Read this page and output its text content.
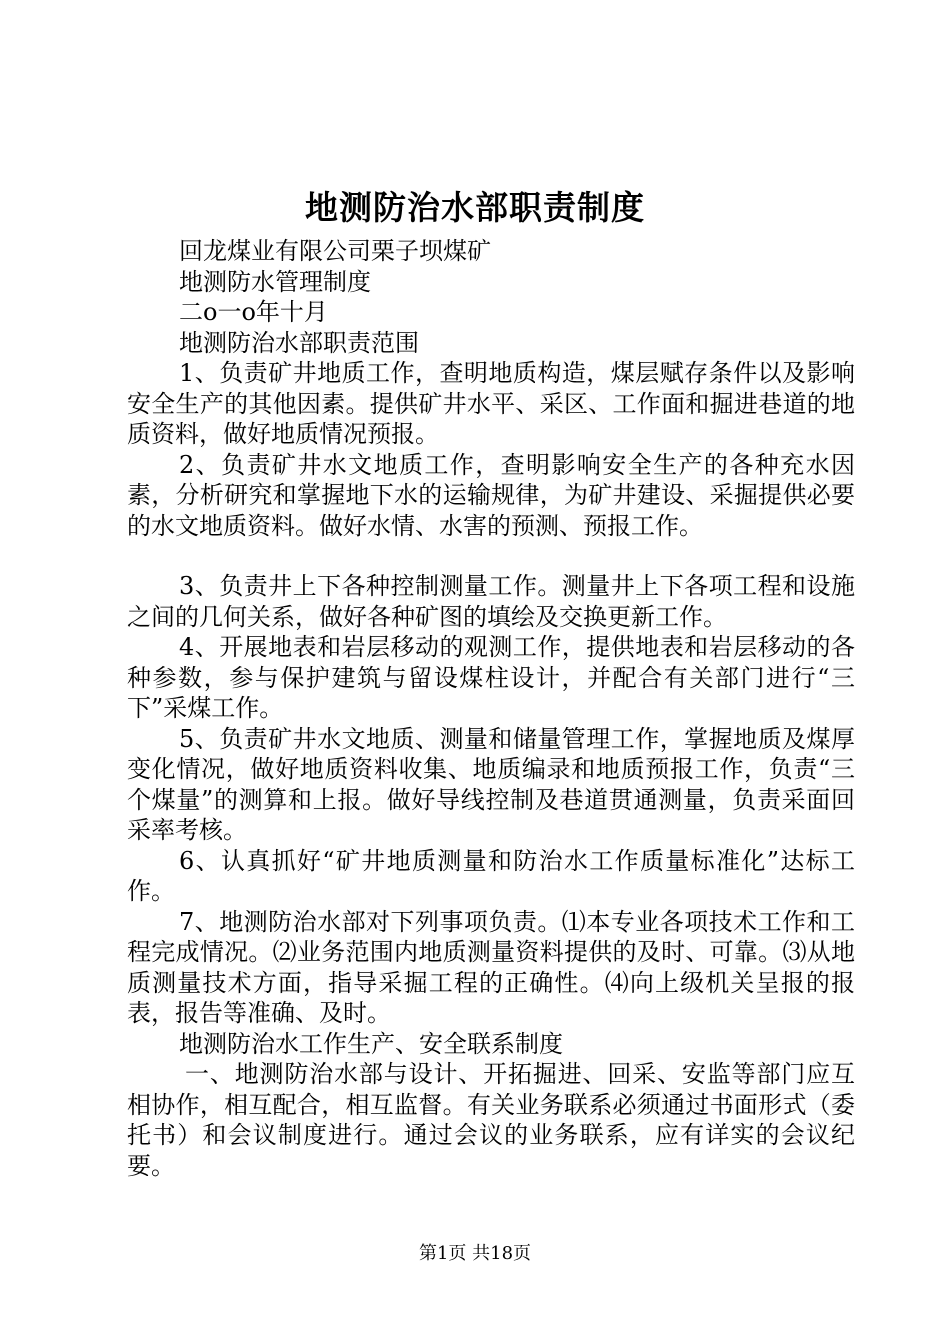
地测防治水部职责制度

回龙煤业有限公司栗子坝煤矿

地测防水管理制度

二o一o年十月

地测防治水部职责范围

1、负责矿井地质工作，查明地质构造，煤层赋存条件以及影响安全生产的其他因素。提供矿井水平、采区、工作面和掘进巷道的地质资料，做好地质情况预报。

2、负责矿井水文地质工作，查明影响安全生产的各种充水因素，分析研究和掌握地下水的运输规律，为矿井建设、采掘提供必要的水文地质资料。做好水情、水害的预测、预报工作。

3、负责井上下各种控制测量工作。测量井上下各项工程和设施之间的几何关系，做好各种矿图的填绘及交换更新工作。

4、开展地表和岩层移动的观测工作，提供地表和岩层移动的各种参数，参与保护建筑与留设煤柱设计，并配合有关部门进行“三下”采煤工作。

5、负责矿井水文地质、测量和储量管理工作，掌握地质及煤厚变化情况，做好地质资料收集、地质编录和地质预报工作，负责“三个煤量”的测算和上报。做好导线控制及巷道贯通测量，负责采面回采率考核。

6、认真抓好“矿井地质测量和防治水工作质量标准化”达标工作。

7、地测防治水部对下列事项负责。⑴本专业各项技术工作和工程完成情况。⑵业务范围内地质测量资料提供的及时、可靠。⑶从地质测量技术方面，指导采掘工程的正确性。⑷向上级机关呈报的报表，报告等准确、及时。

地测防治水工作生产、安全联系制度

一、地测防治水部与设计、开拓掘进、回采、安监等部门应互相协作，相互配合，相互监督。有关业务联系必须通过书面形式（委托书）和会议制度进行。通过会议的业务联系，应有详实的会议纪要。

第1页 共18页
